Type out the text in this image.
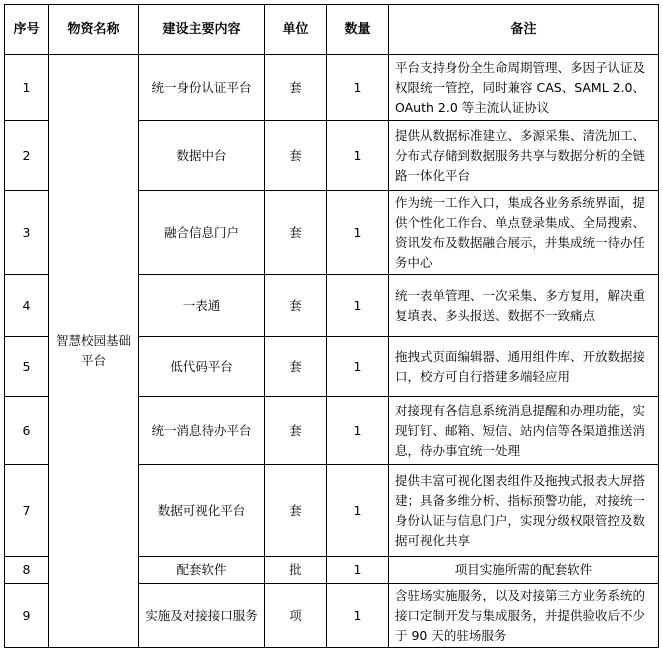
序号	物资名称	建设主要内容	单位	数量	备注
1	智慧校园基础平台	统一身份认证平台	套	1	平台支持身份全生命周期管理、多因子认证及权限统一管控，同时兼容 CAS、SAML 2.0、OAuth 2.0 等主流认证协议
2		数据中台	套	1	提供从数据标准建立、多源采集、清洗加工、分布式存储到数据服务共享与数据分析的全链路一体化平台
3		融合信息门户	套	1	作为统一工作入口，集成各业务系统界面，提供个性化工作台、单点登录集成、全局搜索、资讯发布及数据融合展示，并集成统一待办任务中心
4		一表通	套	1	统一表单管理、一次采集、多方复用，解决重复填表、多头报送、数据不一致痛点
5		低代码平台	套	1	拖拽式页面编辑器、通用组件库、开放数据接口，校方可自行搭建多端轻应用
6		统一消息待办平台	套	1	对接现有各信息系统消息提醒和办理功能，实现钉钉、邮箱、短信、站内信等各渠道推送消息，待办事宜统一处理
7		数据可视化平台	套	1	提供丰富可视化图表组件及拖拽式报表大屏搭建；具备多维分析、指标预警功能，对接统一身份认证与信息门户，实现分级权限管控及数据可视化共享
8		配套软件	批	1	项目实施所需的配套软件
9		实施及对接接口服务	项	1	含驻场实施服务，以及对接第三方业务系统的接口定制开发与集成服务，并提供验收后不少于 90 天的驻场服务
